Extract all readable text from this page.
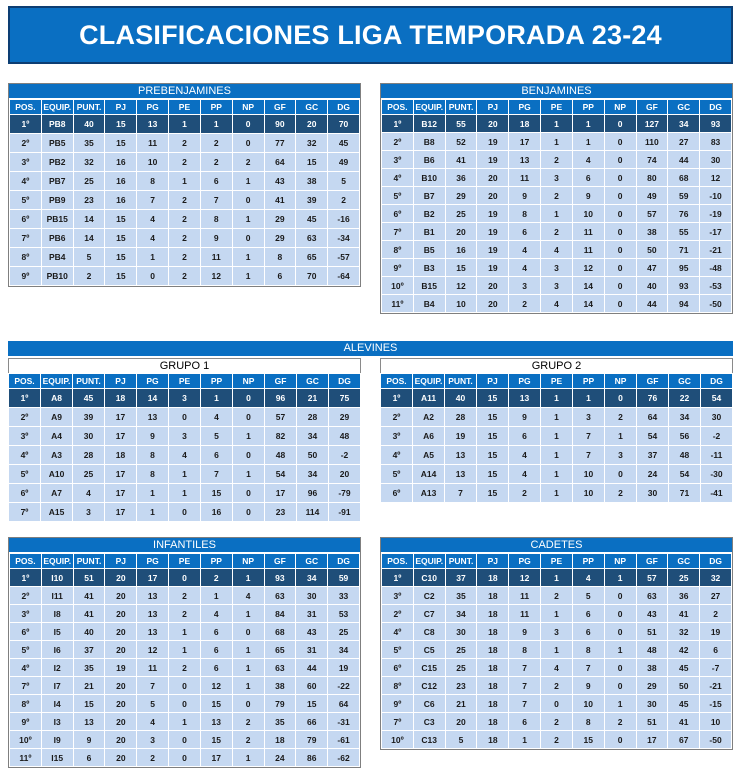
CLASIFICACIONES LIGA TEMPORADA 23-24
PREBENJAMINES
POS.	EQUIP.	PUNT.	PJ	PG	PE	PP	NP	GF	GC	DG
1º	PB8	40	15	13	1	1	0	90	20	70
2º	PB5	35	15	11	2	2	0	77	32	45
3º	PB2	32	16	10	2	2	2	64	15	49
4º	PB7	25	16	8	1	6	1	43	38	5
5º	PB9	23	16	7	2	7	0	41	39	2
6º	PB15	14	15	4	2	8	1	29	45	-16
7º	PB6	14	15	4	2	9	0	29	63	-34
8º	PB4	5	15	1	2	11	1	8	65	-57
9º	PB10	2	15	0	2	12	1	6	70	-64
BENJAMINES
POS.	EQUIP.	PUNT.	PJ	PG	PE	PP	NP	GF	GC	DG
1º	B12	55	20	18	1	1	0	127	34	93
2º	B8	52	19	17	1	1	0	110	27	83
3º	B6	41	19	13	2	4	0	74	44	30
4º	B10	36	20	11	3	6	0	80	68	12
5º	B7	29	20	9	2	9	0	49	59	-10
6º	B2	25	19	8	1	10	0	57	76	-19
7º	B1	20	19	6	2	11	0	38	55	-17
8º	B5	16	19	4	4	11	0	50	71	-21
9º	B3	15	19	4	3	12	0	47	95	-48
10º	B15	12	20	3	3	14	0	40	93	-53
11º	B4	10	20	2	4	14	0	44	94	-50
ALEVINES
GRUPO 1
POS.	EQUIP.	PUNT.	PJ	PG	PE	PP	NP	GF	GC	DG
1º	A8	45	18	14	3	1	0	96	21	75
2º	A9	39	17	13	0	4	0	57	28	29
3º	A4	30	17	9	3	5	1	82	34	48
4º	A3	28	18	8	4	6	0	48	50	-2
5º	A10	25	17	8	1	7	1	54	34	20
6º	A7	4	17	1	1	15	0	17	96	-79
7º	A15	3	17	1	0	16	0	23	114	-91
GRUPO 2
POS.	EQUIP.	PUNT.	PJ	PG	PE	PP	NP	GF	GC	DG
1º	A11	40	15	13	1	1	0	76	22	54
2º	A2	28	15	9	1	3	2	64	34	30
3º	A6	19	15	6	1	7	1	54	56	-2
4º	A5	13	15	4	1	7	3	37	48	-11
5º	A14	13	15	4	1	10	0	24	54	-30
6º	A13	7	15	2	1	10	2	30	71	-41
INFANTILES
POS.	EQUIP.	PUNT.	PJ	PG	PE	PP	NP	GF	GC	DG
1º	I10	51	20	17	0	2	1	93	34	59
2º	I11	41	20	13	2	1	4	63	30	33
3º	I8	41	20	13	2	4	1	84	31	53
6º	I5	40	20	13	1	6	0	68	43	25
5º	I6	37	20	12	1	6	1	65	31	34
4º	I2	35	19	11	2	6	1	63	44	19
7º	I7	21	20	7	0	12	1	38	60	-22
8º	I4	15	20	5	0	15	0	79	15	64
9º	I3	13	20	4	1	13	2	35	66	-31
10º	I9	9	20	3	0	15	2	18	79	-61
11º	I15	6	20	2	0	17	1	24	86	-62
CADETES
POS.	EQUIP.	PUNT.	PJ	PG	PE	PP	NP	GF	GC	DG
1º	C10	37	18	12	1	4	1	57	25	32
3º	C2	35	18	11	2	5	0	63	36	27
2º	C7	34	18	11	1	6	0	43	41	2
4º	C8	30	18	9	3	6	0	51	32	19
5º	C5	25	18	8	1	8	1	48	42	6
6º	C15	25	18	7	4	7	0	38	45	-7
8º	C12	23	18	7	2	9	0	29	50	-21
9º	C6	21	18	7	0	10	1	30	45	-15
7º	C3	20	18	6	2	8	2	51	41	10
10º	C13	5	18	1	2	15	0	17	67	-50
